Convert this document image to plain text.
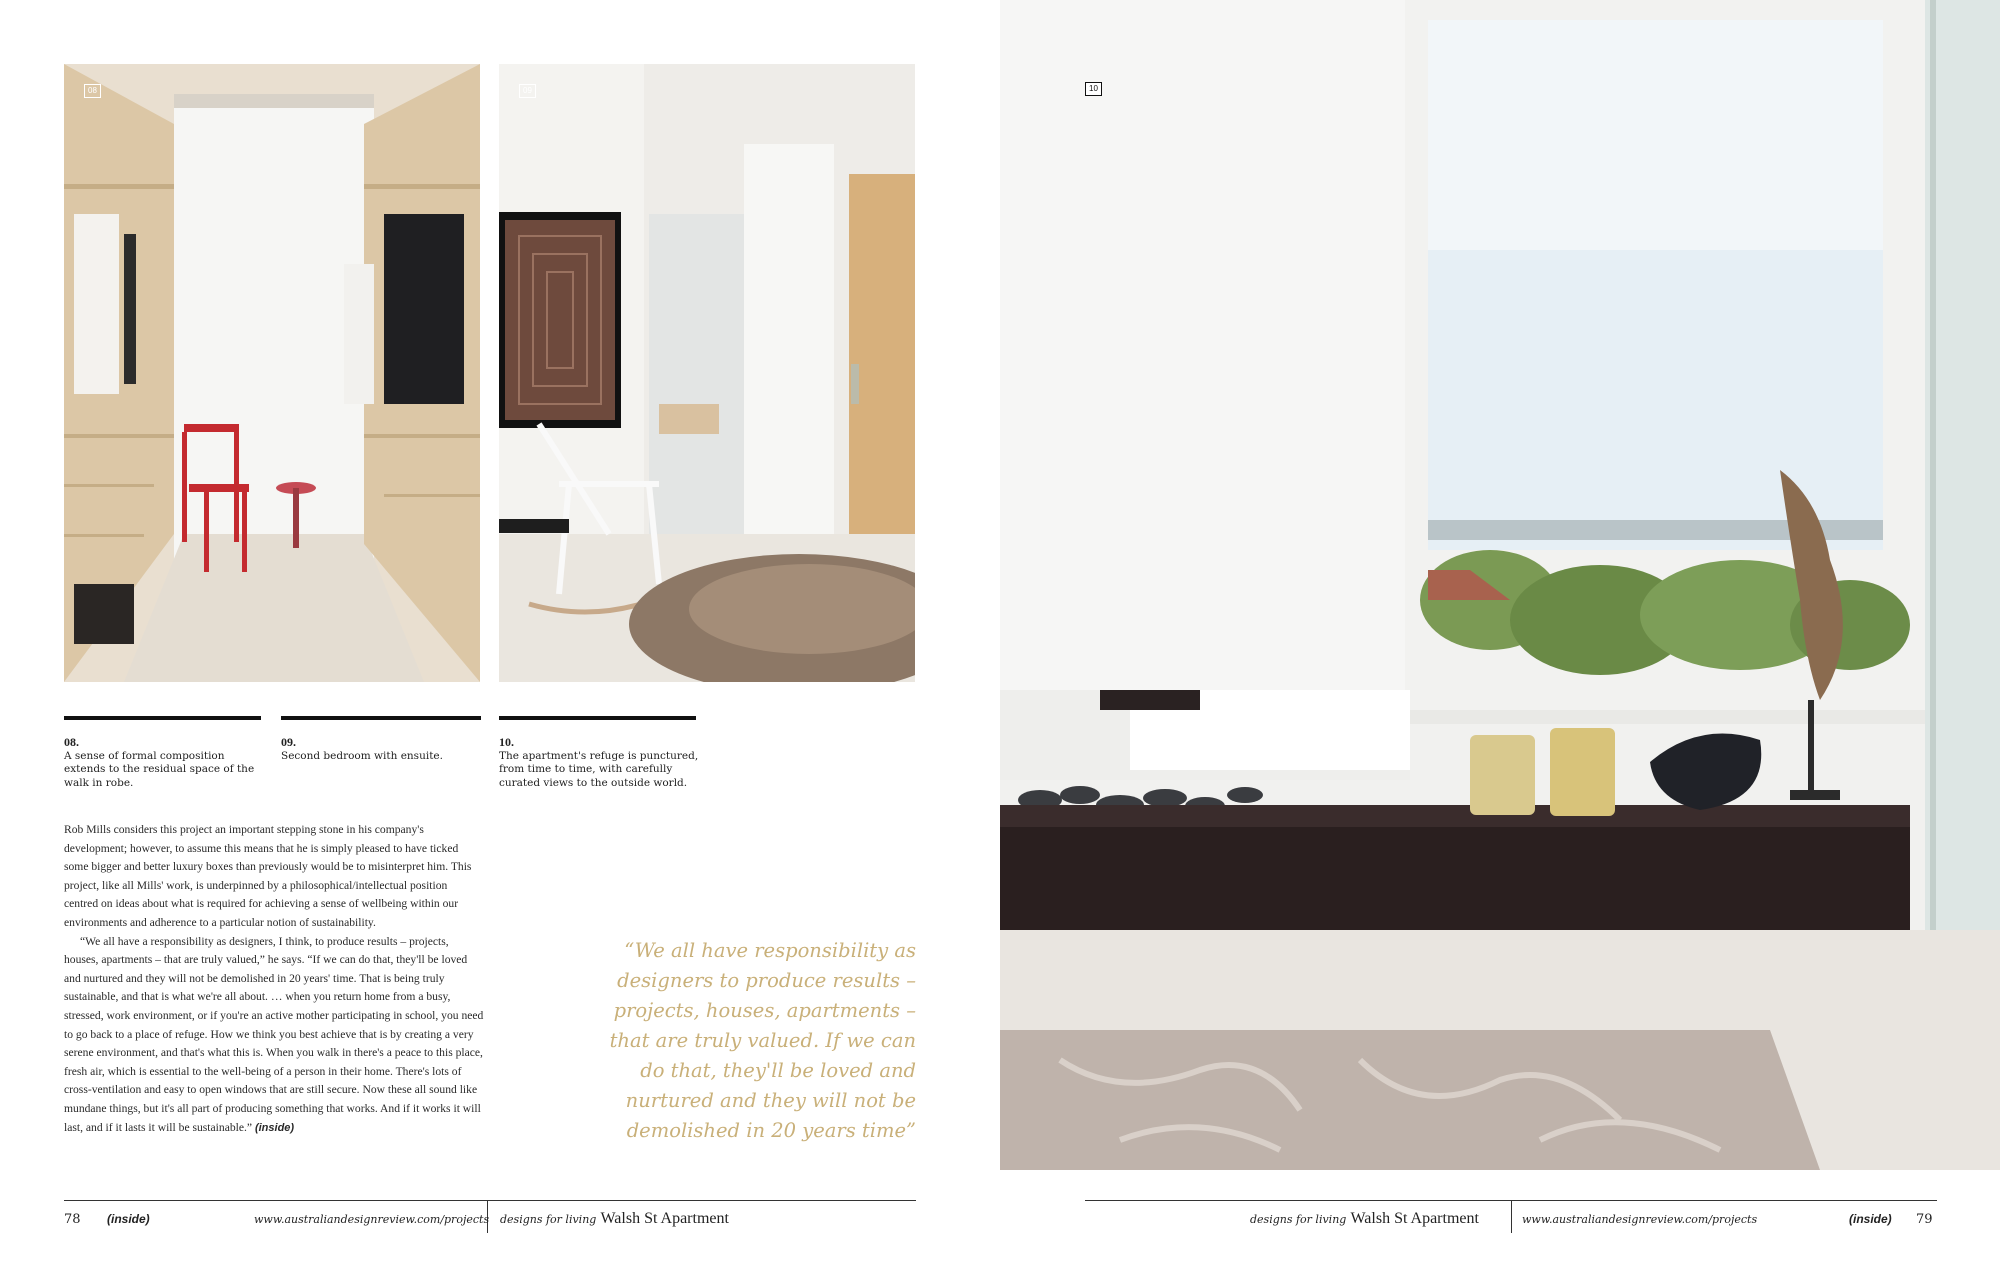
08	09	10
08.
A sense of formal composition extends to the residual space of the walk in robe.
09.
Second bedroom with ensuite.
10.
The apartment's refuge is punctured, from time to time, with carefully curated views to the outside world.

Rob Mills considers this project an important stepping stone in his company's development; however, to assume this means that he is simply pleased to have ticked some bigger and better luxury boxes than previously would be to misinterpret him. This project, like all Mills' work, is underpinned by a philosophical/intellectual position centred on ideas about what is required for achieving a sense of wellbeing within our environments and adherence to a particular notion of sustainability.

“We all have a responsibility as designers, I think, to produce results – projects, houses, apartments – that are truly valued,” he says. “If we can do that, they'll be loved and nurtured and they will not be demolished in 20 years' time. That is being truly sustainable, and that is what we're all about. … when you return home from a busy, stressed, work environment, or if you're an active mother participating in school, you need to go back to a place of refuge. How we think you best achieve that is by creating a very serene environment, and that's what this is. When you walk in there's a peace to this place, fresh air, which is essential to the well-being of a person in their home. There's lots of cross-ventilation and easy to open windows that are still secure. Now these all sound like mundane things, but it's all part of producing something that works. And if it works it will last, and if it lasts it will be sustainable.” (inside)

“We all have responsibility as designers to produce results – projects, houses, apartments – that are truly valued. If we can do that, they'll be loved and nurtured and they will not be demolished in 20 years time”
78 (inside)	www.australiandesignreview.com/projects designs for living Walsh St Apartment	designs for living Walsh St Apartment	www.australiandesignreview.com/projects	(inside) 79
